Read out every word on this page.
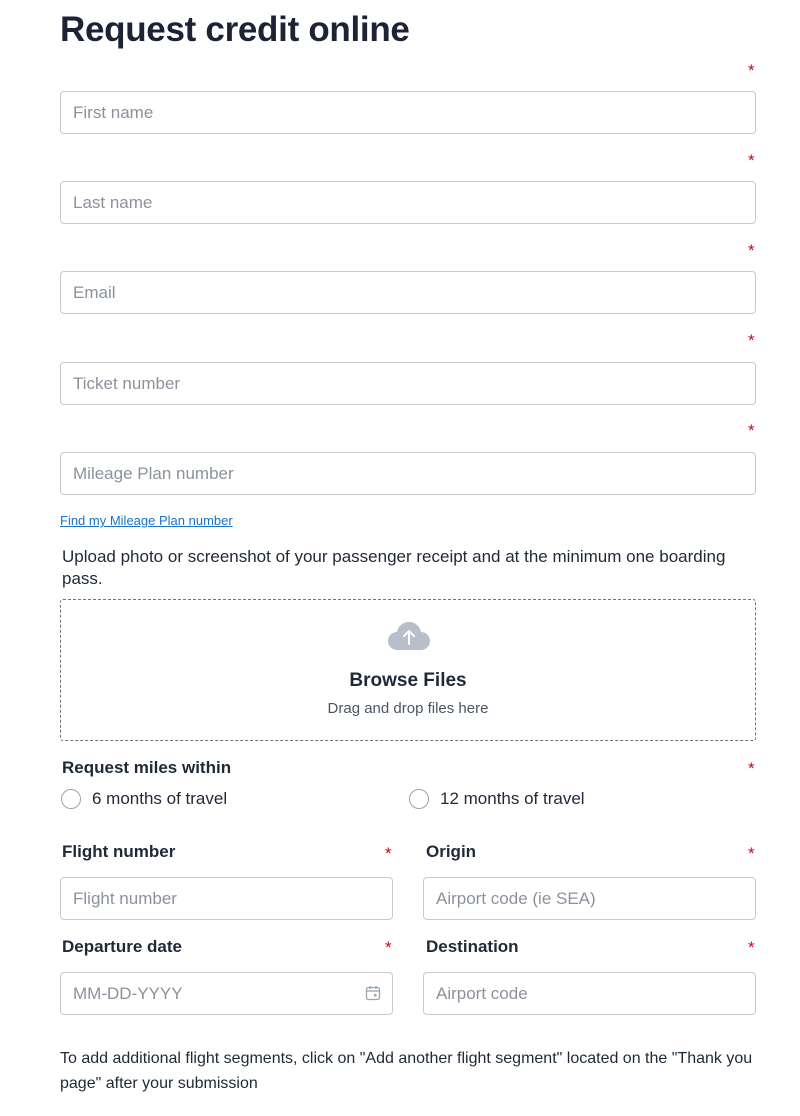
Request credit online
*
First name
*
Last name
*
Email
*
Ticket number
*
Mileage Plan number
Find my Mileage Plan number

Upload photo or screenshot of your passenger receipt and at the minimum one boarding pass.

Browse Files
Drag and drop files here
Request miles within	*
6 months of travel	12 months of travel
Flight number	* Origin	*
Flight number
Airport code (ie SEA)
Departure date	* Destination	*
MM-DD-YYYY
Airport code

To add additional flight segments, click on "Add another flight segment" located on the "Thank you page" after your submission
